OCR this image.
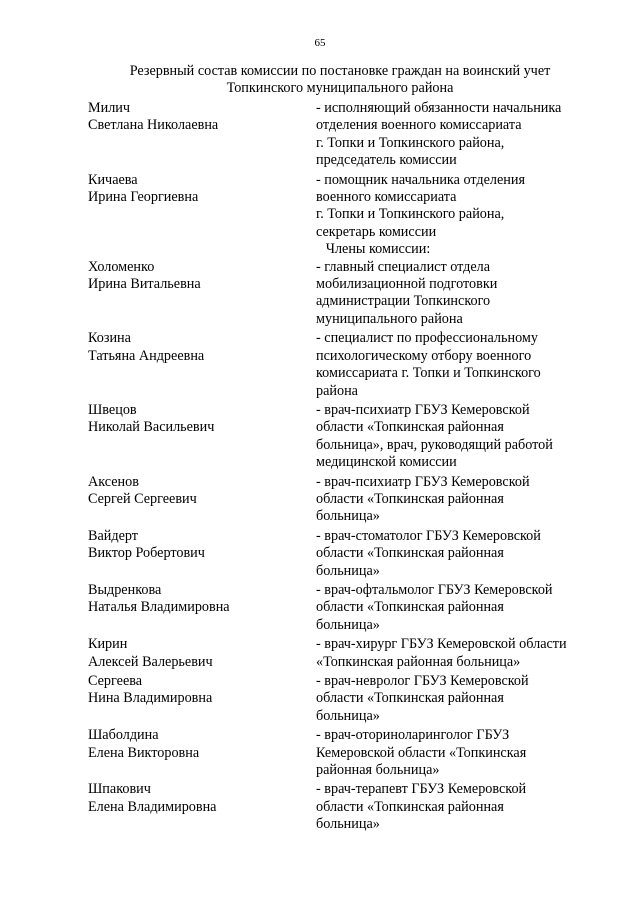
65
Резервный состав комиссии по постановке граждан на воинский учет
Топкинского муниципального района
Милич
Светлана Николаевна
- исполняющий обязанности начальника
отделения военного комиссариата
г. Топки и Топкинского района,
председатель комиссии
Кичаева
Ирина Георгиевна
- помощник начальника отделения
военного комиссариата
г. Топки и Топкинского района,
секретарь комиссии
Члены комиссии:
Холоменко
Ирина Витальевна
- главный специалист отдела
мобилизационной подготовки
администрации Топкинского
муниципального района
Козина
Татьяна Андреевна
- специалист по профессиональному
психологическому отбору военного
комиссариата г. Топки и Топкинского
района
Швецов
Николай Васильевич
- врач-психиатр ГБУЗ Кемеровской
области «Топкинская районная
больница», врач, руководящий работой
медицинской комиссии
Аксенов
Сергей Сергеевич
- врач-психиатр ГБУЗ Кемеровской
области «Топкинская районная
больница»
Вайдерт
Виктор Робертович
- врач-стоматолог ГБУЗ Кемеровской
области «Топкинская районная
больница»
Выдренкова
Наталья Владимировна
- врач-офтальмолог ГБУЗ Кемеровской
области «Топкинская районная
больница»
Кирин
Алексей Валерьевич
- врач-хирург ГБУЗ Кемеровской области
«Топкинская районная больница»
Сергеева
Нина Владимировна
- врач-невролог ГБУЗ Кемеровской
области «Топкинская районная
больница»
Шаболдина
Елена Викторовна
- врач-оториноларинголог ГБУЗ
Кемеровской области «Топкинская
районная больница»
Шпакович
Елена Владимировна
- врач-терапевт ГБУЗ Кемеровской
области «Топкинская районная
больница»
